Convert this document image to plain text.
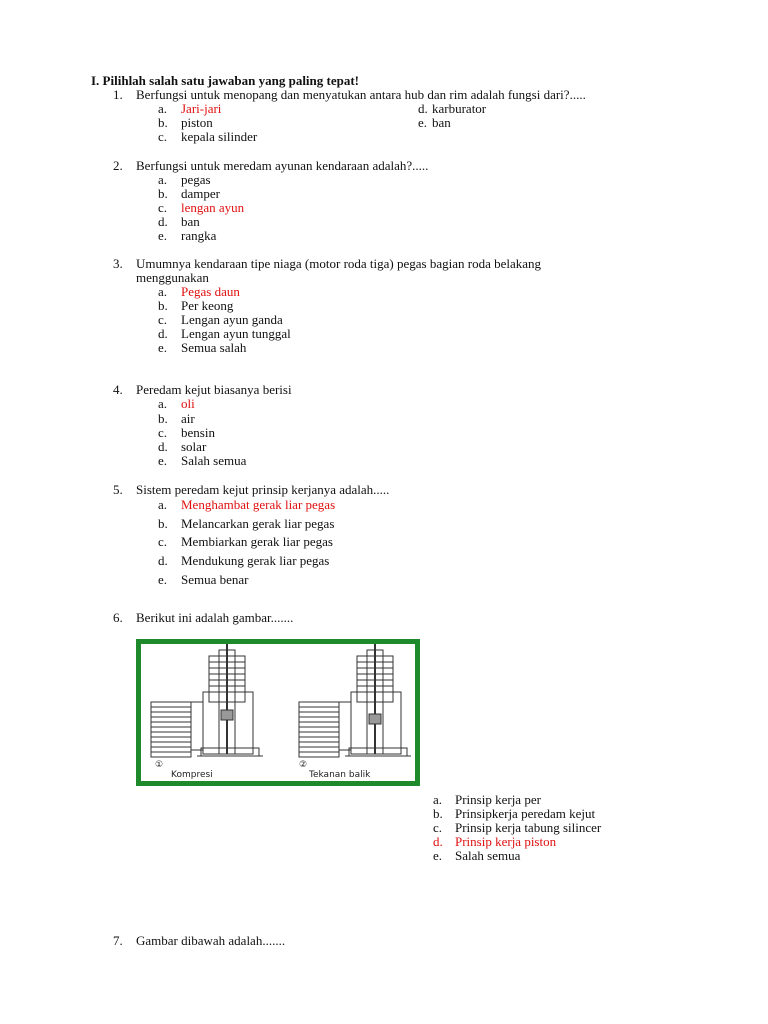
I. Pilihlah salah satu jawaban yang paling tepat!
1. Berfungsi untuk menopang dan menyatukan antara hub dan rim adalah fungsi dari?.....
a. Jari-jari
b. piston
c. kepala silinder
d. karburator
e. ban
2. Berfungsi untuk meredam ayunan kendaraan adalah?.....
a. pegas
b. damper
c. lengan ayun
d. ban
e. rangka
3. Umumnya kendaraan tipe niaga (motor roda tiga) pegas bagian roda belakang
menggunakan
a. Pegas daun
b. Per keong
c. Lengan ayun ganda
d. Lengan ayun tunggal
e. Semua salah
4. Peredam kejut biasanya berisi
a. oli
b. air
c. bensin
d. solar
e. Salah semua
5. Sistem peredam kejut prinsip kerjanya adalah.....
a. Menghambat gerak liar pegas
b. Melancarkan gerak liar pegas
c. Membiarkan gerak liar pegas
d. Mendukung gerak liar pegas
e. Semua benar
6. Berikut ini adalah gambar.......
①
Kompresi
②
Tekanan balik
a. Prinsip kerja per
b. Prinsipkerja peredam kejut
c. Prinsip kerja tabung silincer
d. Prinsip kerja piston
e. Salah semua
7. Gambar dibawah adalah.......
